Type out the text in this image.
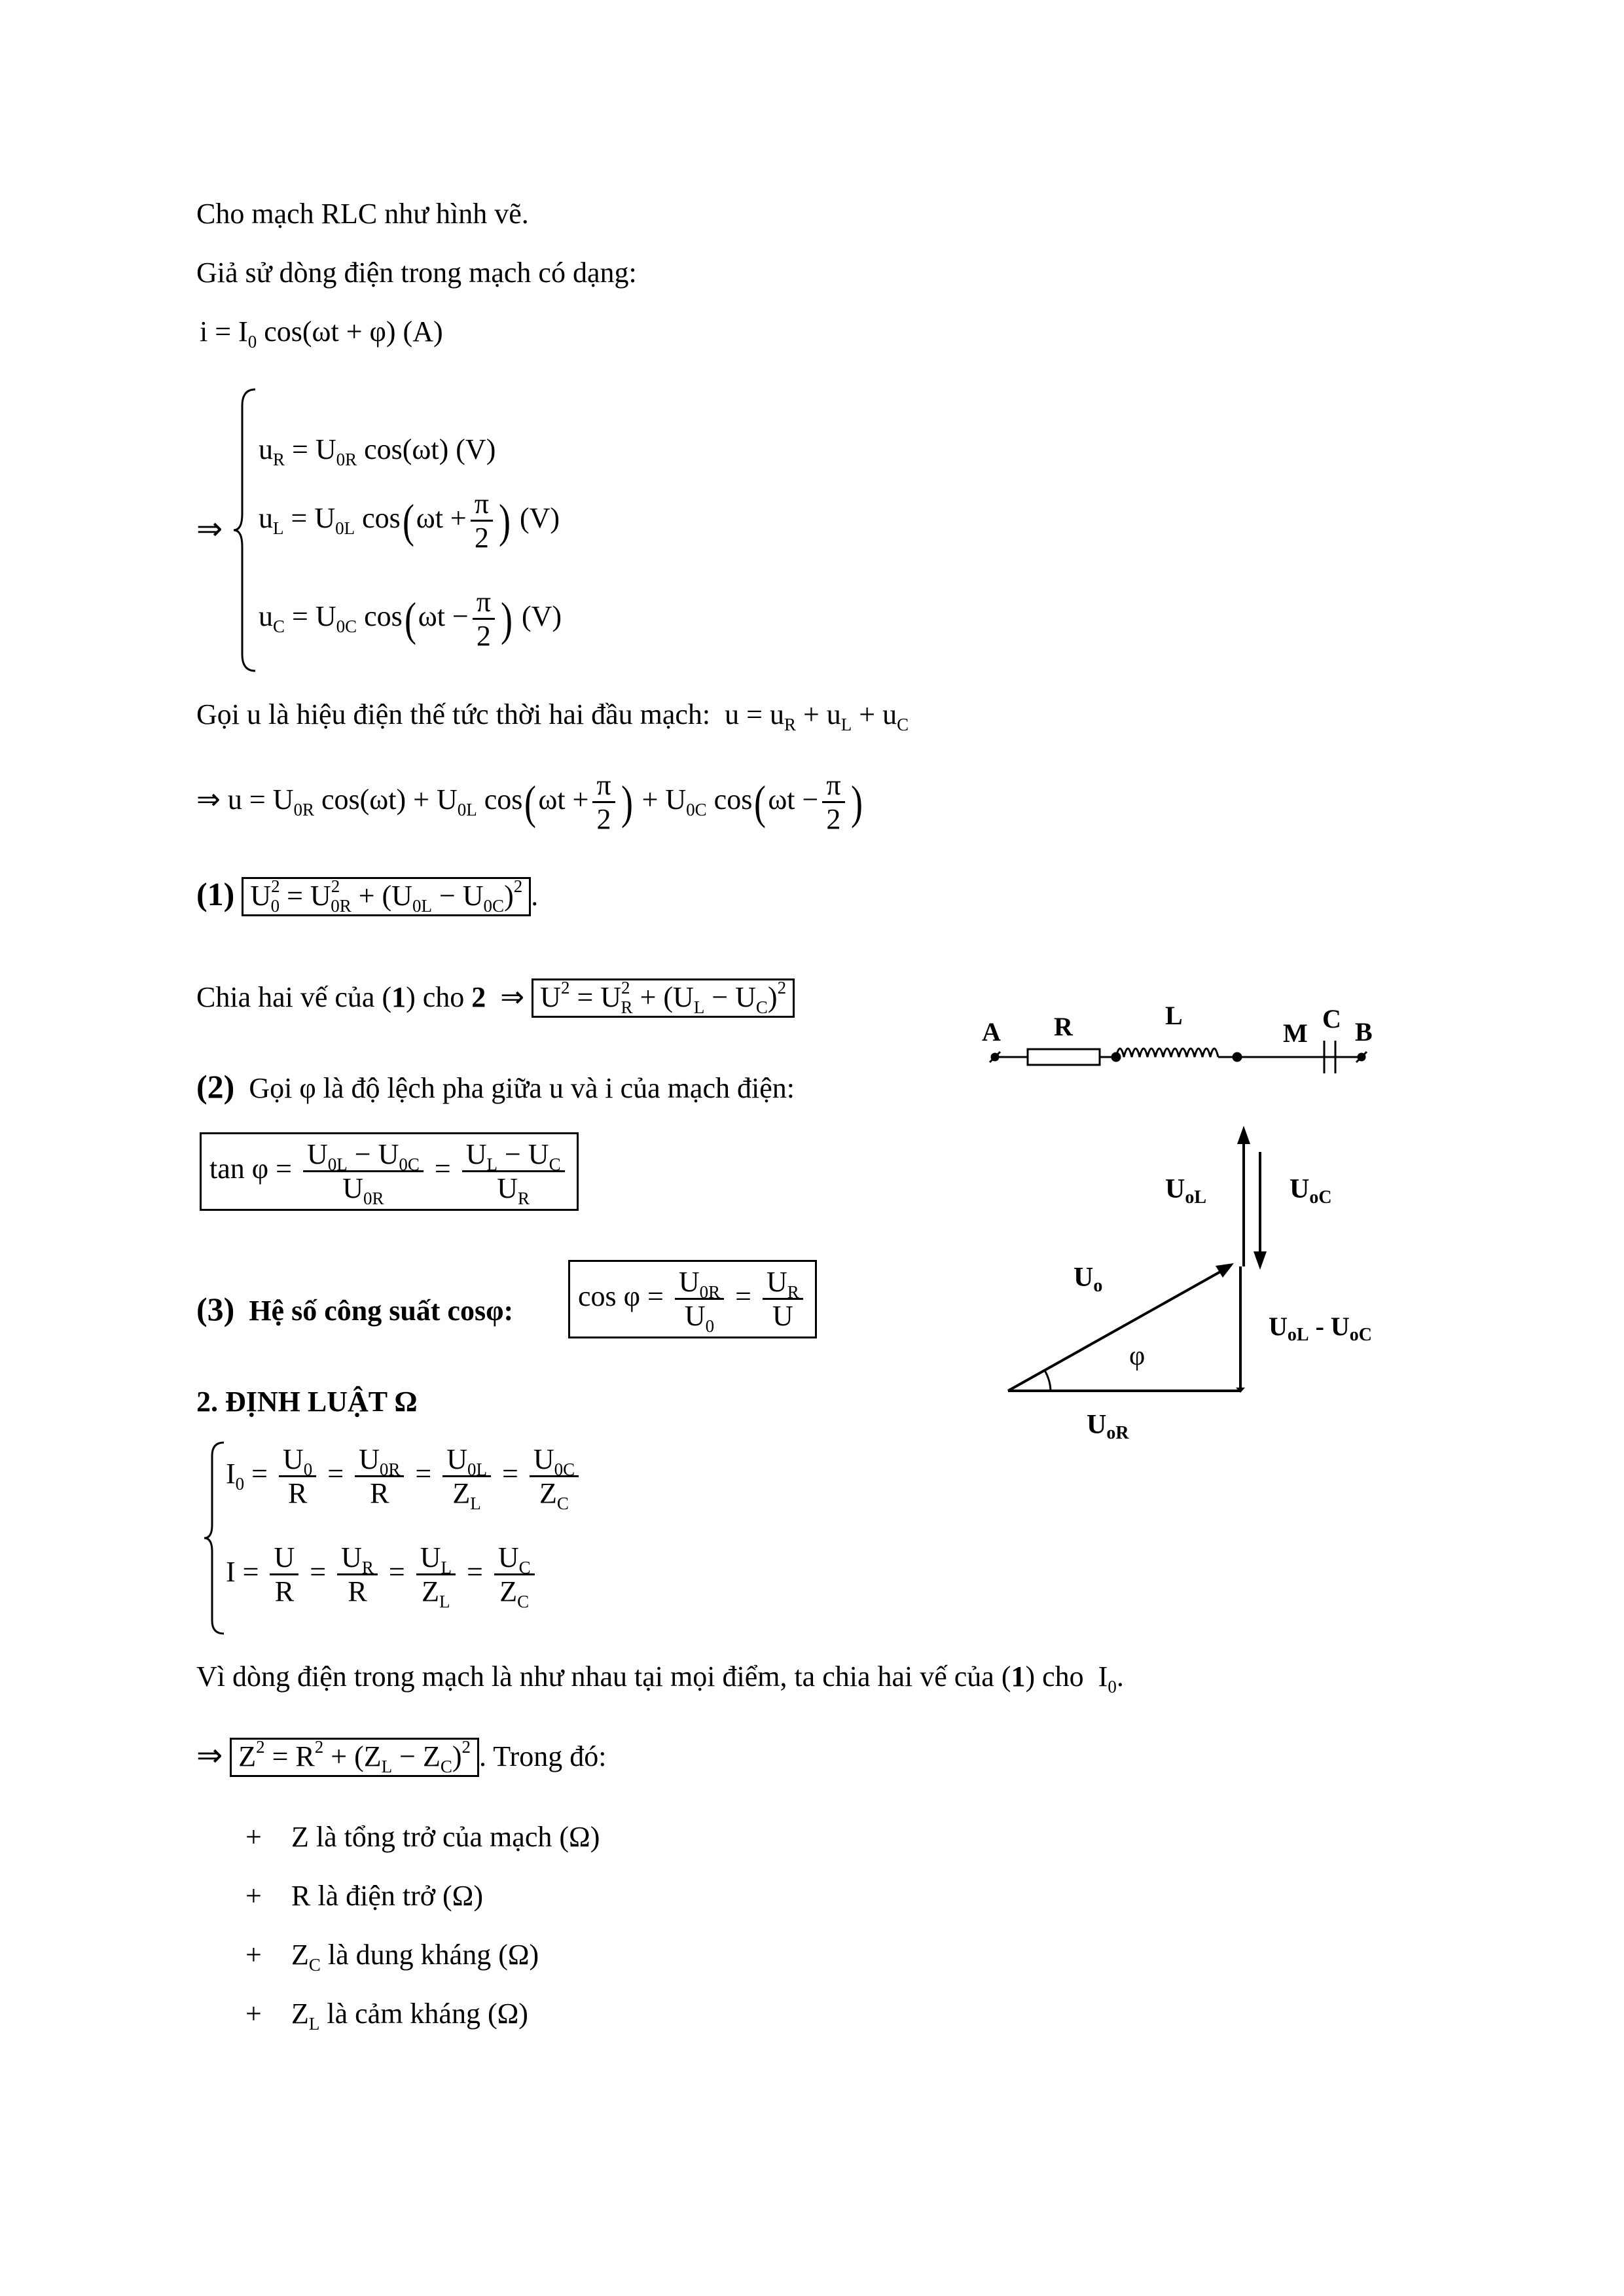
Cho mạch RLC như hình vẽ.
Giả sử dòng điện trong mạch có dạng:
$i = I_0$ cos(ωt + φ) (A)
⇒
$u_R = U_{0R}$ cos(ωt) (V)
$u_L = U_{0L}$ $\cos(\omega t + \frac{\pi}{2}$ ) (V)
$u_C = U_{0C}$ $\cos(\omega t - \frac{\pi}{2}$ ) (V)
Gọi u là hiệu điện thế tức thời hai đầu mạch: $u = u_R + u_L + u_C$
⇒ $u = U_{0R}$ $\cos(\omega t) + U_{0L}$ $\cos(\omega t + \frac{\pi}{2}$ ) + $U_{0C}$ $\cos(\omega t - \frac{\pi}{2}$ )
(1) $U^2_0 = U^2_{0R} + (U_{0L} - U_{0C})^2$ .
Chia hai vế của (1) cho 2 ⇒ $U^2 = U^2_R + (U_L - U_C)^2$
(2) Gọi φ là độ lệch pha giữa u và i của mạch điện:
$\tan \varphi = \frac{U_{0L} - U_{0C}}{U_{0R}} = \frac{U_L - U_C}{U_R}$
(3) Hệ số công suất cosφ:	$\cos \varphi = \frac{U_{0R}}{U_0} = \frac{U_R}{U}$
2. ĐỊNH LUẬT Ω
$I_0 = \frac{U_0}{R} = \frac{U_{0R}}{R} = \frac{U_{0L}}{Z_L} = \frac{U_{0C}}{Z_C}$
$I = \frac{U}{R} = \frac{U_R}{R} = \frac{U_L}{Z_L} = \frac{U_C}{Z_C}$
Vì dòng điện trong mạch là như nhau tại mọi điểm, ta chia hai vế của (1) cho  $I_0$.
⇒ $Z^2 = R^2 + (Z_L - Z_C)^2$ . Trong đó:
+ Z là tổng trở của mạch (Ω)
+ R là điện trở (Ω)
+ $Z_C$ là dung kháng (Ω)
+ $Z_L$ là cảm kháng (Ω)
A R	L
M C B
UoL	UoC
Uo
φ
UoR
$U_{oL} - U_{oC}$
